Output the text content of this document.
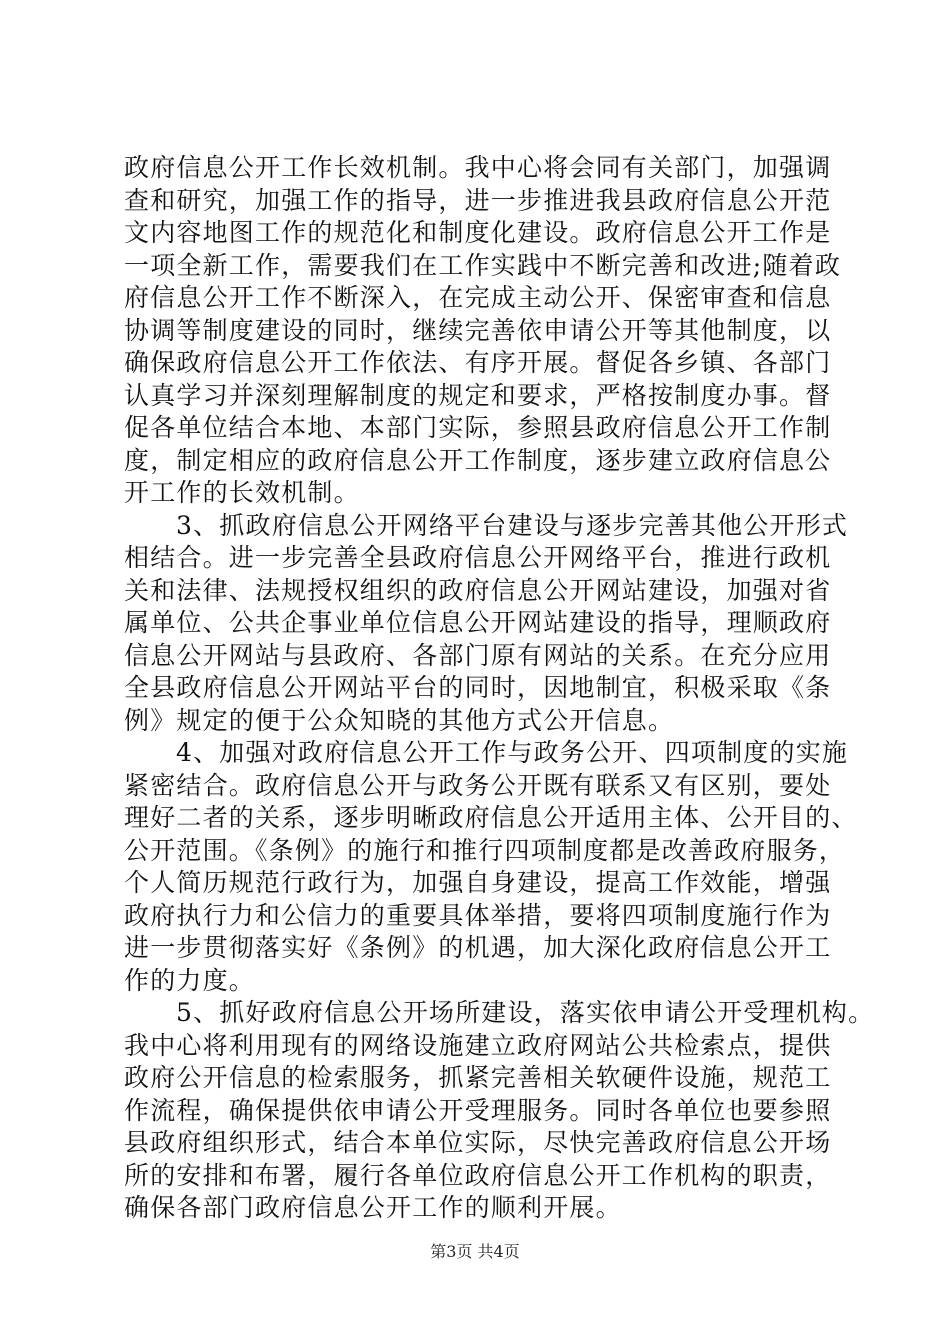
政府信息公开工作长效机制。我中心将会同有关部门，加强调
查和研究，加强工作的指导，进一步推进我县政府信息公开范
文内容地图工作的规范化和制度化建设。政府信息公开工作是
一项全新工作，需要我们在工作实践中不断完善和改进;随着政
府信息公开工作不断深入，在完成主动公开、保密审查和信息
协调等制度建设的同时，继续完善依申请公开等其他制度，以
确保政府信息公开工作依法、有序开展。督促各乡镇、各部门
认真学习并深刻理解制度的规定和要求，严格按制度办事。督
促各单位结合本地、本部门实际，参照县政府信息公开工作制
度，制定相应的政府信息公开工作制度，逐步建立政府信息公
开工作的长效机制。
3、抓政府信息公开网络平台建设与逐步完善其他公开形式
相结合。进一步完善全县政府信息公开网络平台，推进行政机
关和法律、法规授权组织的政府信息公开网站建设，加强对省
属单位、公共企事业单位信息公开网站建设的指导，理顺政府
信息公开网站与县政府、各部门原有网站的关系。在充分应用
全县政府信息公开网站平台的同时，因地制宜，积极采取《条
例》规定的便于公众知晓的其他方式公开信息。
4、加强对政府信息公开工作与政务公开、四项制度的实施
紧密结合。政府信息公开与政务公开既有联系又有区别，要处
理好二者的关系，逐步明晰政府信息公开适用主体、公开目的、
公开范围。《条例》的施行和推行四项制度都是改善政府服务，
个人简历规范行政行为，加强自身建设，提高工作效能，增强
政府执行力和公信力的重要具体举措，要将四项制度施行作为
进一步贯彻落实好《条例》的机遇，加大深化政府信息公开工
作的力度。
5、抓好政府信息公开场所建设，落实依申请公开受理机构。
我中心将利用现有的网络设施建立政府网站公共检索点，提供
政府公开信息的检索服务，抓紧完善相关软硬件设施，规范工
作流程，确保提供依申请公开受理服务。同时各单位也要参照
县政府组织形式，结合本单位实际，尽快完善政府信息公开场
所的安排和布署，履行各单位政府信息公开工作机构的职责，
确保各部门政府信息公开工作的顺利开展。
第3页 共4页
